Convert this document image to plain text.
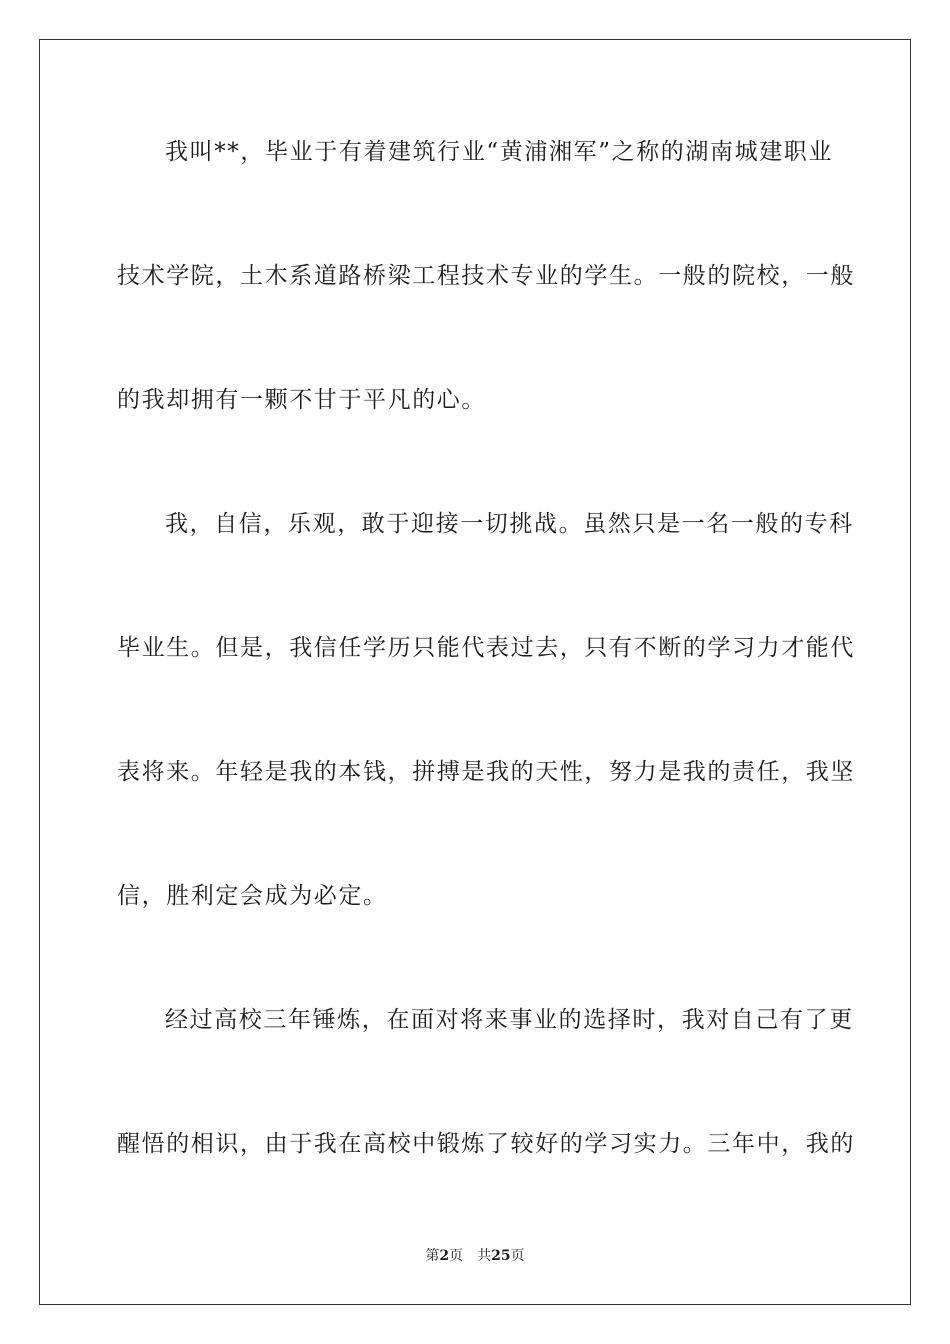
我叫**，毕业于有着建筑行业“黄浦湘军”之称的湖南城建职业
技术学院，土木系道路桥梁工程技术专业的学生。一般的院校，一般
的我却拥有一颗不甘于平凡的心。
我，自信，乐观，敢于迎接一切挑战。虽然只是一名一般的专科
毕业生。但是，我信任学历只能代表过去，只有不断的学习力才能代
表将来。年轻是我的本钱，拼搏是我的天性，努力是我的责任，我坚
信，胜利定会成为必定。
经过高校三年锤炼，在面对将来事业的选择时，我对自己有了更
醒悟的相识，由于我在高校中锻炼了较好的学习实力。三年中，我的
第2页 共25页
